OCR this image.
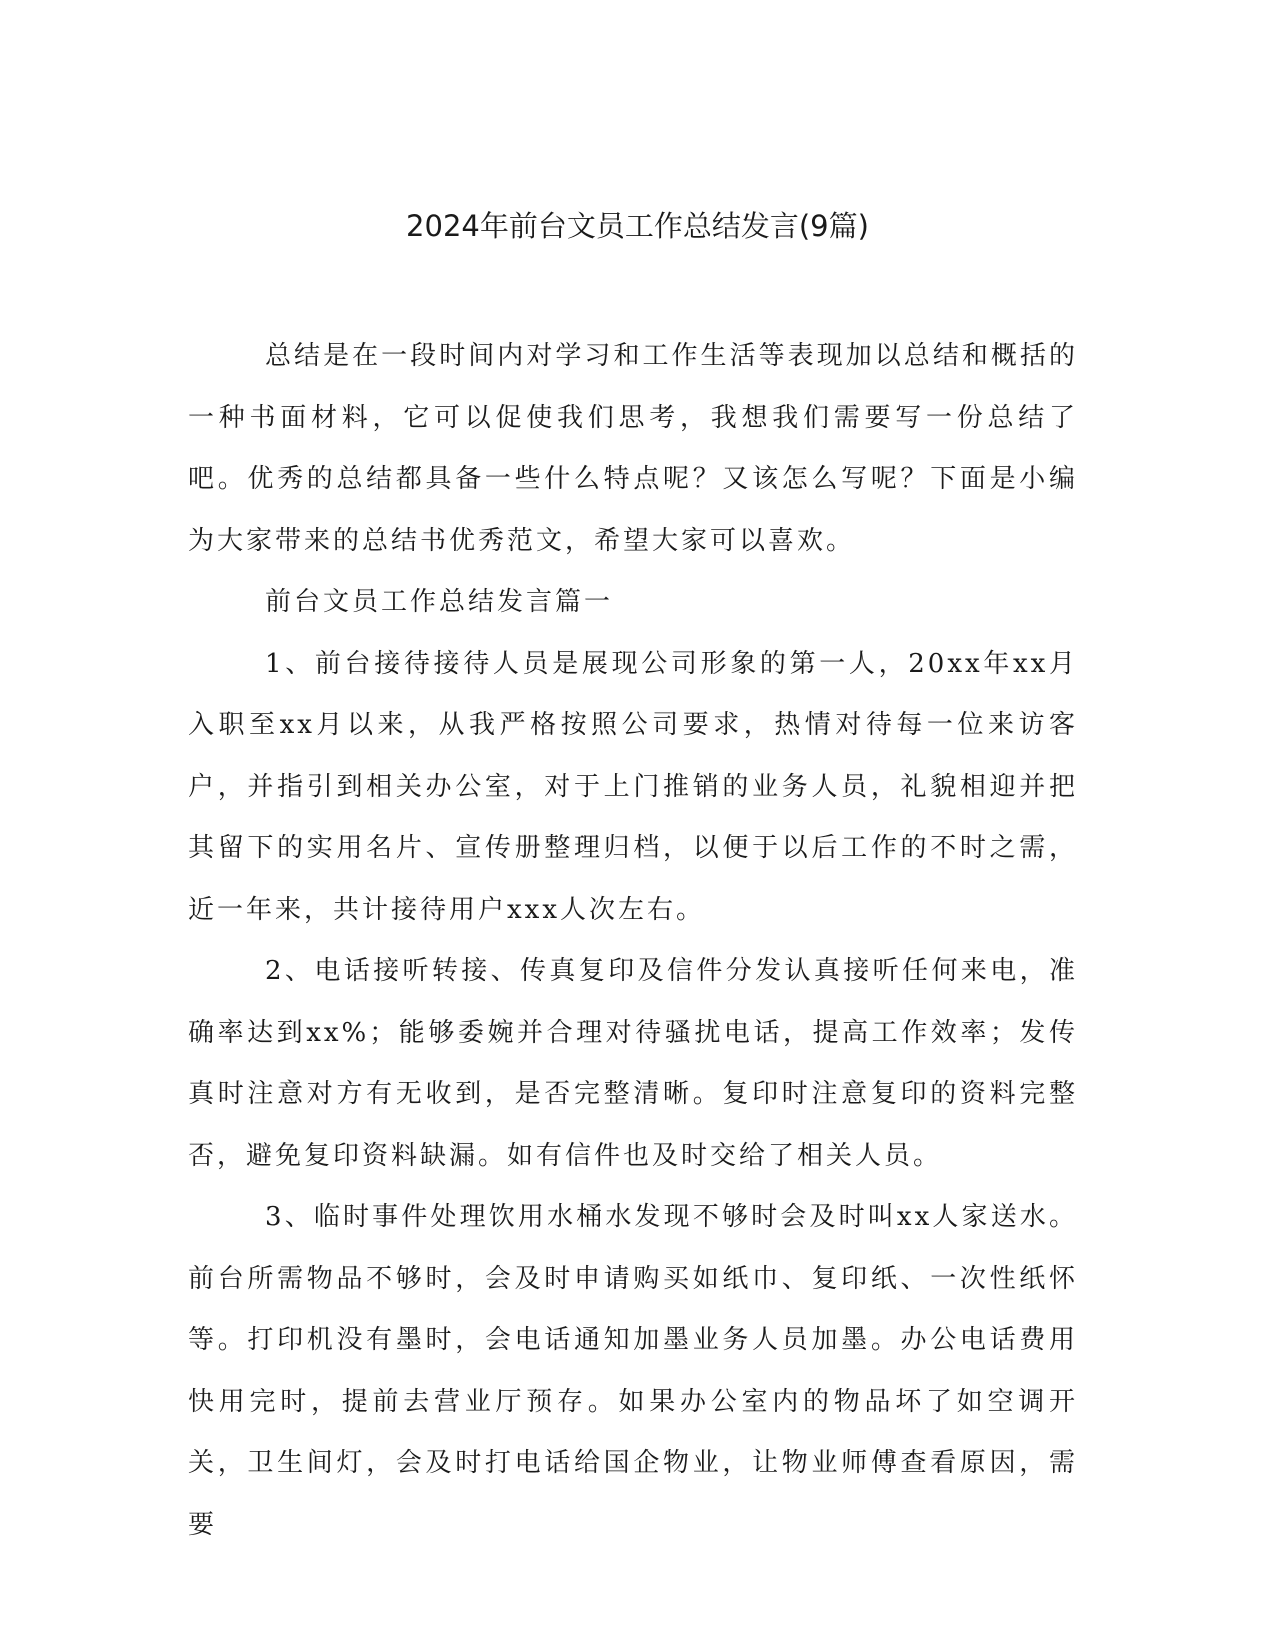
2024年前台文员工作总结发言(9篇)

总结是在一段时间内对学习和工作生活等表现加以总结和概括的一种书面材料，它可以促使我们思考，我想我们需要写一份总结了吧。优秀的总结都具备一些什么特点呢？又该怎么写呢？下面是小编为大家带来的总结书优秀范文，希望大家可以喜欢。

前台文员工作总结发言篇一

1、前台接待接待人员是展现公司形象的第一人，20xx年xx月入职至xx月以来，从我严格按照公司要求，热情对待每一位来访客户，并指引到相关办公室，对于上门推销的业务人员，礼貌相迎并把其留下的实用名片、宣传册整理归档，以便于以后工作的不时之需，近一年来，共计接待用户xxx人次左右。

2、电话接听转接、传真复印及信件分发认真接听任何来电，准确率达到xx%；能够委婉并合理对待骚扰电话，提高工作效率；发传真时注意对方有无收到，是否完整清晰。复印时注意复印的资料完整否，避免复印资料缺漏。如有信件也及时交给了相关人员。

3、临时事件处理饮用水桶水发现不够时会及时叫xx人家送水。前台所需物品不够时，会及时申请购买如纸巾、复印纸、一次性纸怀等。打印机没有墨时，会电话通知加墨业务人员加墨。办公电话费用快用完时，提前去营业厅预存。如果办公室内的物品坏了如空调开关，卫生间灯，会及时打电话给国企物业，让物业师傅查看原因，需要
